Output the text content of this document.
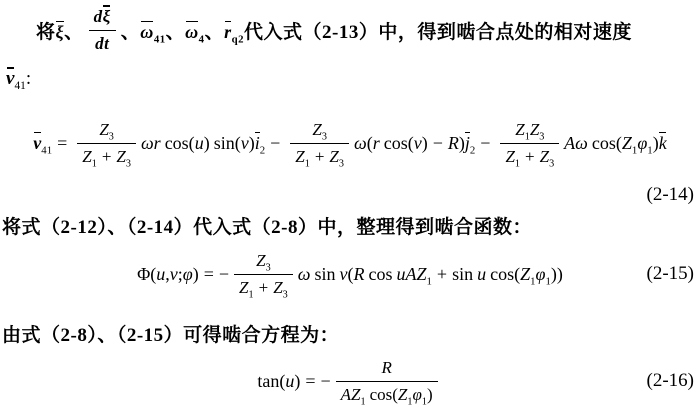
将ξ、 $\frac{d\xi}{dt}$ 、$\omega_{41}$、$\omega_4$、$r_{q2}$代入式（2-13）中，得到啮合点处的相对速度
$v_{41}$:
$v_{41} = \frac{Z_3}{Z_1 + Z_3}$ ωr cos(u) $\sin(v)i_2 - \frac{Z_3}{Z_1 + Z_3} \omega(r$ $\cos(v) - R)j_2 - \frac{Z_1Z_3}{Z_1 + Z_3}$ Aω $\cos(Z_1\varphi_1)k$
(2-14)
将式（2-12）、（2-14）代入式（2-8）中，整理得到啮合函数：
Φ(u,v;φ) = − $\frac{Z_3}{Z_1 + Z_3}$ ω sin v(R cos uAZ$_1$ + sin u $\cos(Z_1\varphi_1)$)	(2-15)
由式（2-8）、（2-15）可得啮合方程为：
tan(u) = − $\frac{R}{AZ_1 \cos(Z_1\varphi_1)}$	(2-16)
